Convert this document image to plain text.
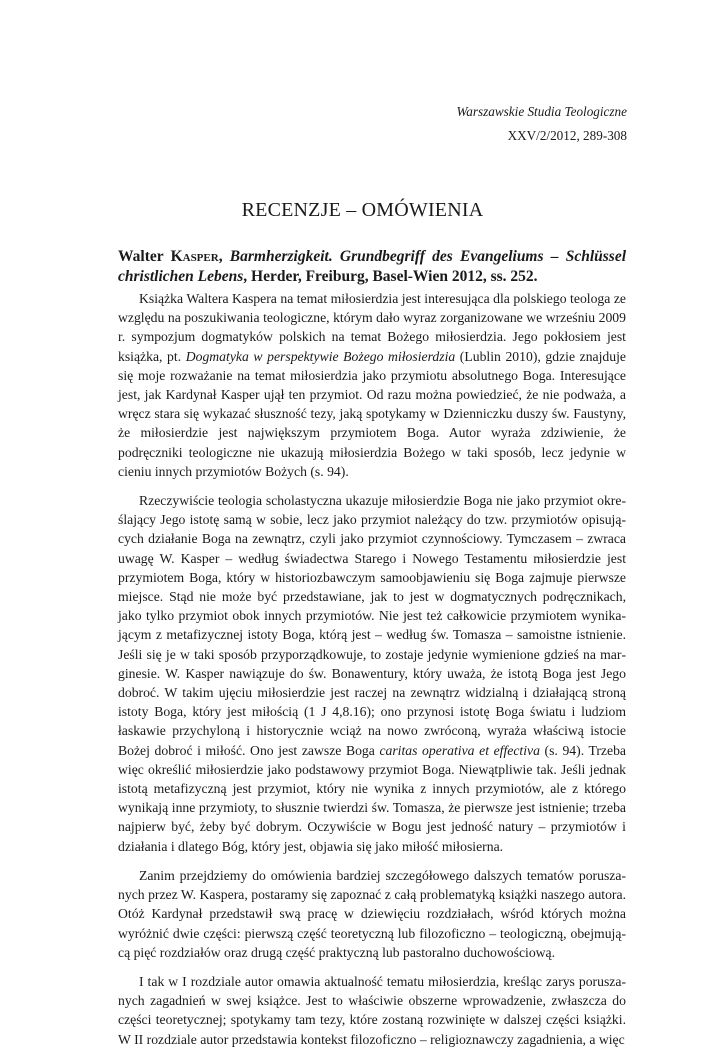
Warszawskie Studia Teologiczne
XXV/2/2012, 289-308
RECENZJE – OMÓWIENIA
Walter Kasper, Barmherzigkeit. Grundbegriff des Evangeliums – Schlüssel christlichen Lebens, Herder, Freiburg, Basel-Wien 2012, ss. 252.

Książka Waltera Kaspera na temat miłosierdzia jest interesująca dla polskiego teologa ze względu na poszukiwania teologiczne, którym dało wyraz zorganizowane we wrześniu 2009 r. sympozjum dogmatyków polskich na temat Bożego miłosierdzia. Jego pokłosiem jest książka, pt. Dogmatyka w perspektywie Bożego miłosierdzia (Lublin 2010), gdzie znajduje się moje rozważanie na temat miłosierdzia jako przymiotu absolutnego Boga. Interesujące jest, jak Kardynał Kasper ujął ten przymiot. Od razu można powiedzieć, że nie podważa, a wręcz stara się wykazać słuszność tezy, jaką spotykamy w Dzienniczku duszy św. Faustyny, że miłosierdzie jest największym przymiotem Boga. Autor wyraża zdziwienie, że podręczniki teologiczne nie ukazują miłosierdzia Bożego w taki sposób, lecz jedynie w cieniu innych przymiotów Bożych (s. 94).

Rzeczywiście teologia scholastyczna ukazuje miłosierdzie Boga nie jako przymiot określający Jego istotę samą w sobie, lecz jako przymiot należący do tzw. przymiotów opisujących działanie Boga na zewnątrz, czyli jako przymiot czynnościowy. Tymczasem – zwraca uwagę W. Kasper – według świadectwa Starego i Nowego Testamentu miłosierdzie jest przymiotem Boga, który w historiozbawczym samoobjawieniu się Boga zajmuje pierwsze miejsce. Stąd nie może być przedstawiane, jak to jest w dogmatycznych podręcznikach, jako tylko przymiot obok innych przymiotów. Nie jest też całkowicie przymiotem wynikającym z metafizycznej istoty Boga, którą jest – według św. Tomasza – samoistne istnienie. Jeśli się je w taki sposób przyporządkowuje, to zostaje jedynie wymienione gdzieś na marginesie. W. Kasper nawiązuje do św. Bonawentury, który uważa, że istotą Boga jest Jego dobroć. W takim ujęciu miłosierdzie jest raczej na zewnątrz widzialną i działającą stroną istoty Boga, który jest miłością (1 J 4,8.16); ono przynosi istotę Boga światu i ludziom łaskawie przychyloną i historycznie wciąż na nowo zwróconą, wyraża właściwą istocie Bożej dobroć i miłość. Ono jest zawsze Boga caritas operativa et effectiva (s. 94). Trzeba więc określić miłosierdzie jako podstawowy przymiot Boga. Niewątpliwie tak. Jeśli jednak istotą metafizyczną jest przymiot, który nie wynika z innych przymiotów, ale z którego wynikają inne przymioty, to słusznie twierdzi św. Tomasza, że pierwsze jest istnienie; trzeba najpierw być, żeby być dobrym. Oczywiście w Bogu jest jedność natury – przymiotów i działania i dlatego Bóg, który jest, objawia się jako miłość miłosierna.

Zanim przejdziemy do omówienia bardziej szczegółowego dalszych tematów poruszanych przez W. Kaspera, postaramy się zapoznać z całą problematyką książki naszego autora. Otóż Kardynał przedstawił swą pracę w dziewięciu rozdziałach, wśród których można wyróżnić dwie części: pierwszą część teoretyczną lub filozoficzno – teologiczną, obejmującą pięć rozdziałów oraz drugą część praktyczną lub pastoralno duchowościową.

I tak w I rozdziale autor omawia aktualność tematu miłosierdzia, kreśląc zarys poruszanych zagadnień w swej książce. Jest to właściwie obszerne wprowadzenie, zwłaszcza do części teoretycznej; spotykamy tam tezy, które zostaną rozwinięte w dalszej części książki. W II rozdziale autor przedstawia kontekst filozoficzno – religioznawczy zagadnienia, a więc
